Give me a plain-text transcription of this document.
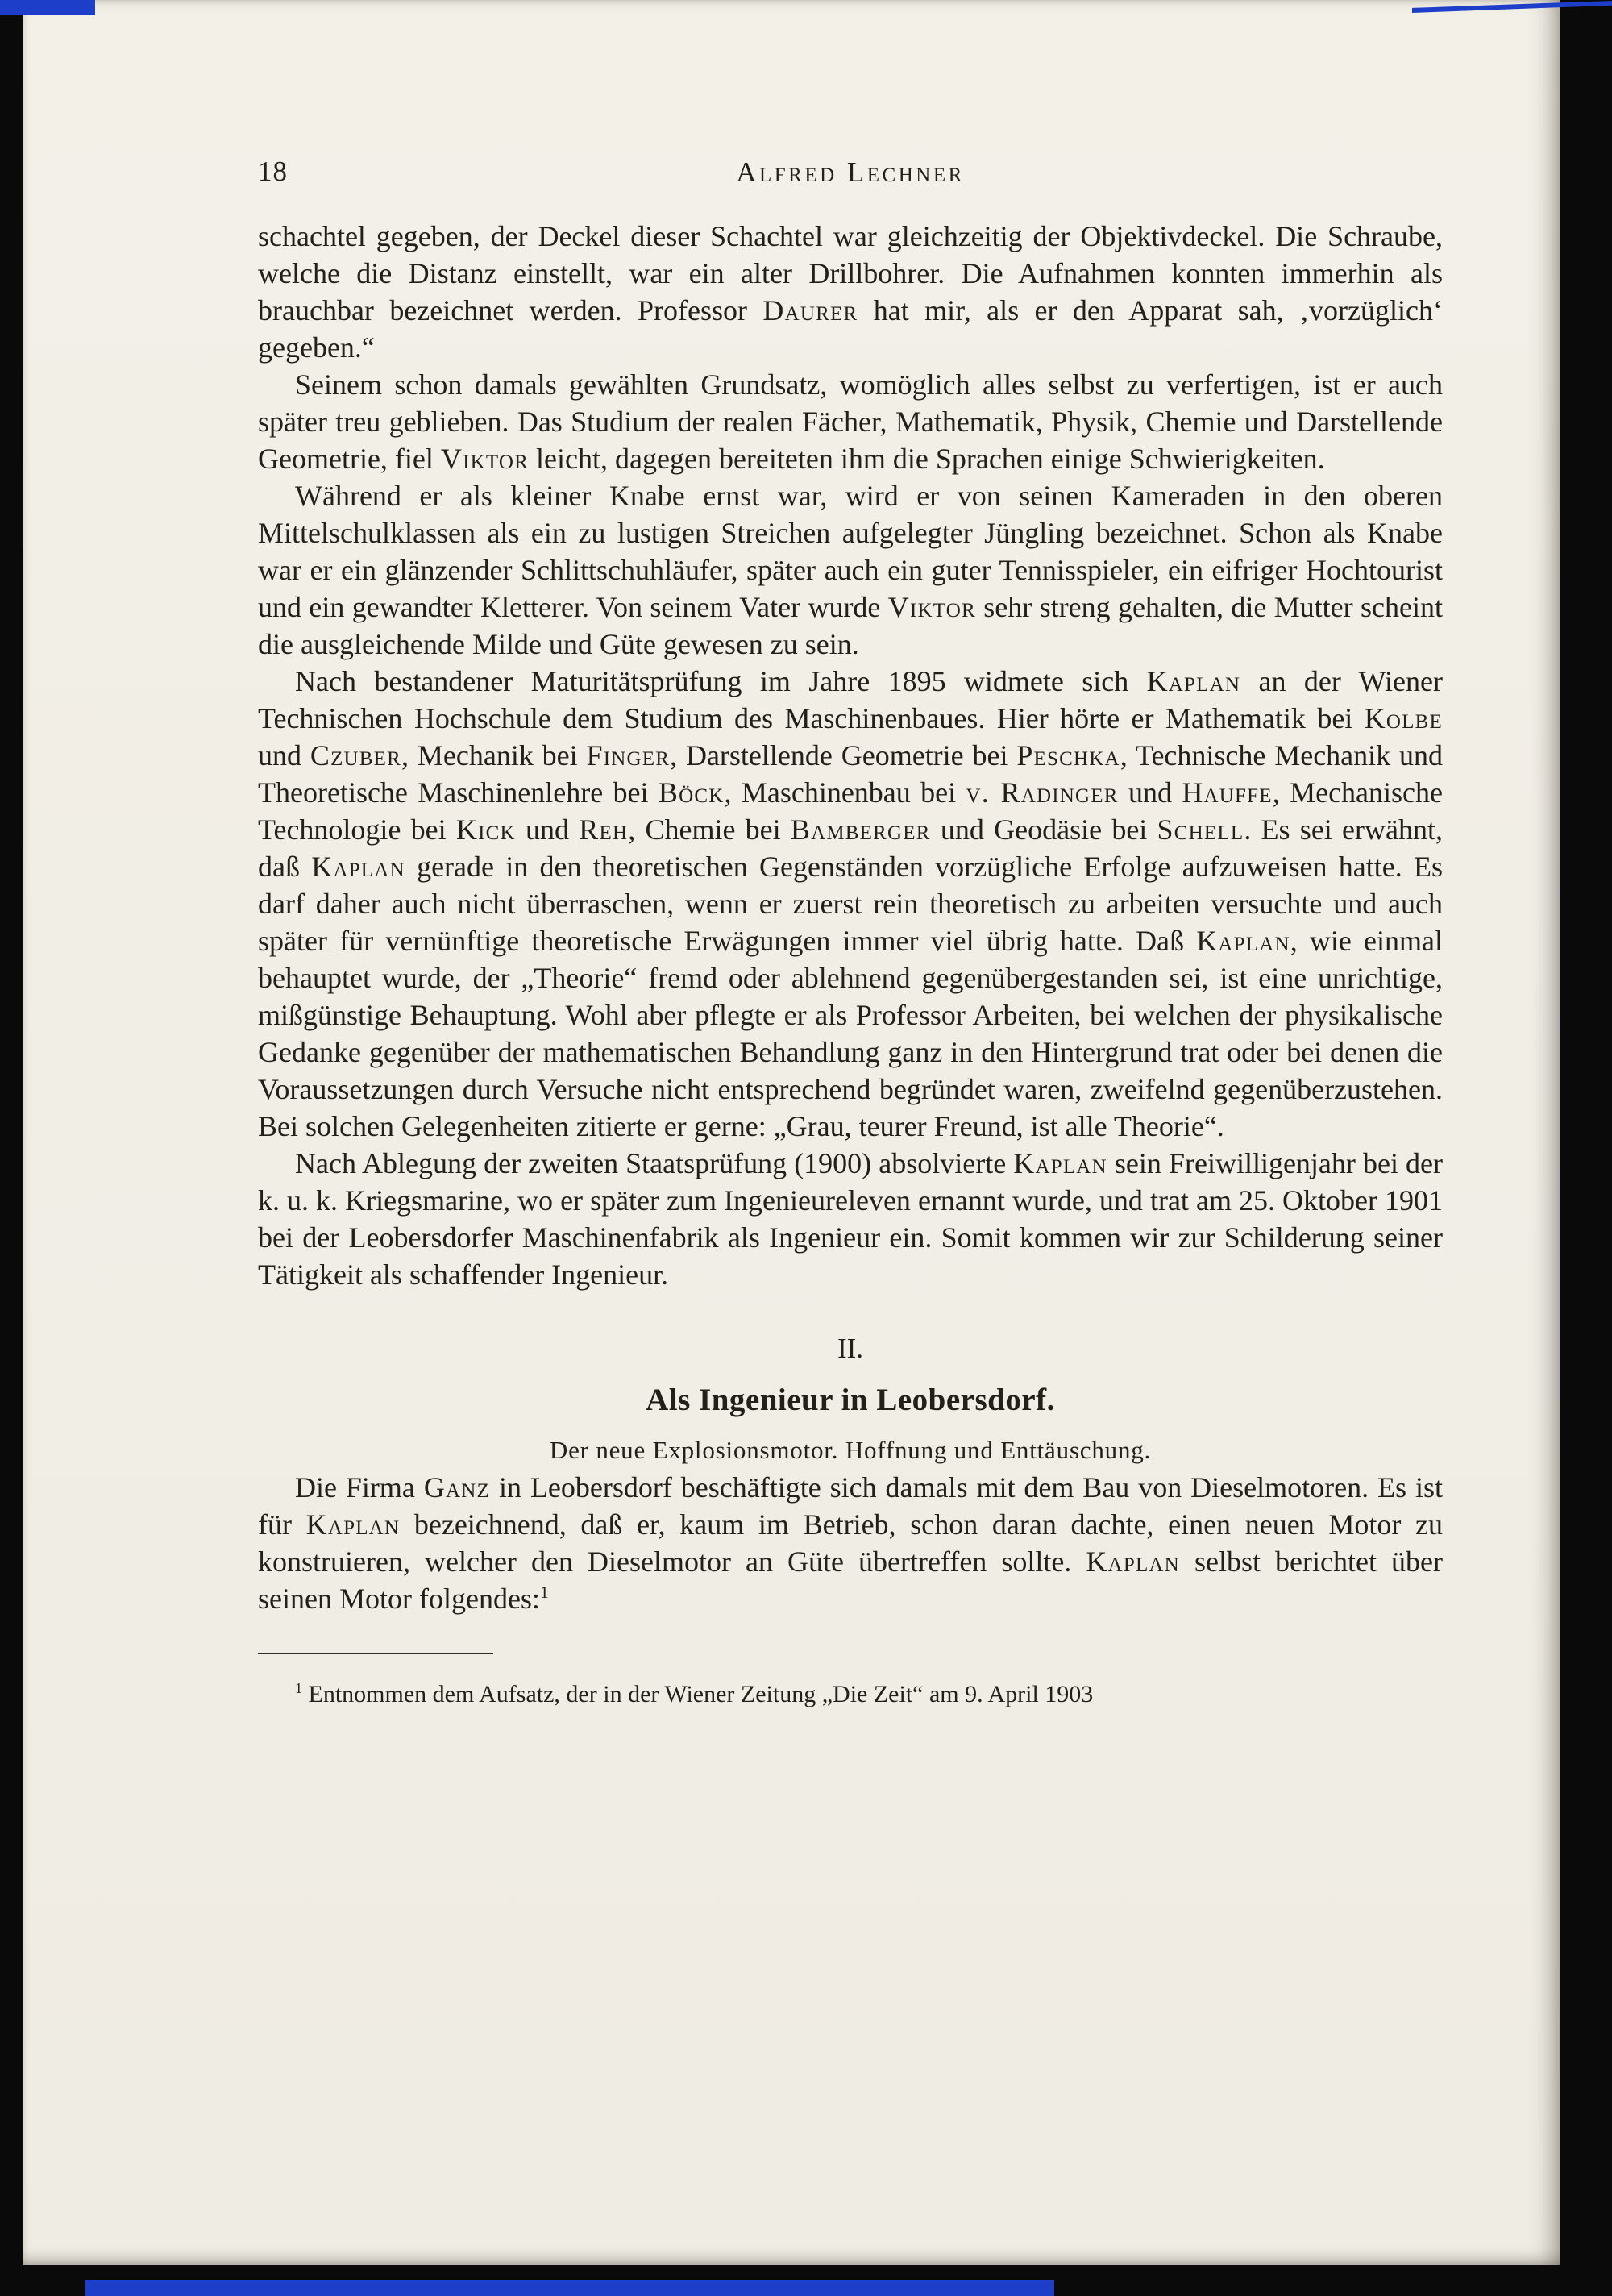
18	Alfred Lechner

schachtel gegeben, der Deckel dieser Schachtel war gleichzeitig der Objektivdeckel. Die Schraube, welche die Distanz einstellt, war ein alter Drillbohrer. Die Aufnahmen konnten immerhin als brauchbar bezeichnet werden. Professor Daurer hat mir, als er den Apparat sah, ‚vorzüglich‘ gegeben.“

Seinem schon damals gewählten Grundsatz, womöglich alles selbst zu verfertigen, ist er auch später treu geblieben. Das Studium der realen Fächer, Mathematik, Physik, Chemie und Darstellende Geometrie, fiel Viktor leicht, dagegen bereiteten ihm die Sprachen einige Schwierigkeiten.

Während er als kleiner Knabe ernst war, wird er von seinen Kameraden in den oberen Mittelschulklassen als ein zu lustigen Streichen aufgelegter Jüngling bezeichnet. Schon als Knabe war er ein glänzender Schlittschuhläufer, später auch ein guter Tennisspieler, ein eifriger Hochtourist und ein gewandter Kletterer. Von seinem Vater wurde Viktor sehr streng gehalten, die Mutter scheint die ausgleichende Milde und Güte gewesen zu sein.

Nach bestandener Maturitätsprüfung im Jahre 1895 widmete sich Kaplan an der Wiener Technischen Hochschule dem Studium des Maschinenbaues. Hier hörte er Mathematik bei Kolbe und Czuber, Mechanik bei Finger, Darstellende Geometrie bei Peschka, Technische Mechanik und Theoretische Maschinenlehre bei Böck, Maschinenbau bei v. Radinger und Hauffe, Mechanische Technologie bei Kick und Reh, Chemie bei Bamberger und Geodäsie bei Schell. Es sei erwähnt, daß Kaplan gerade in den theoretischen Gegenständen vorzügliche Erfolge aufzuweisen hatte. Es darf daher auch nicht überraschen, wenn er zuerst rein theoretisch zu arbeiten versuchte und auch später für vernünftige theoretische Erwägungen immer viel übrig hatte. Daß Kaplan, wie einmal behauptet wurde, der „Theorie“ fremd oder ablehnend gegenübergestanden sei, ist eine unrichtige, mißgünstige Behauptung. Wohl aber pflegte er als Professor Arbeiten, bei welchen der physikalische Gedanke gegenüber der mathematischen Behandlung ganz in den Hintergrund trat oder bei denen die Voraussetzungen durch Versuche nicht entsprechend begründet waren, zweifelnd gegenüberzustehen. Bei solchen Gelegenheiten zitierte er gerne: „Grau, teurer Freund, ist alle Theorie“.

Nach Ablegung der zweiten Staatsprüfung (1900) absolvierte Kaplan sein Freiwilligenjahr bei der k. u. k. Kriegsmarine, wo er später zum Ingenieureleven ernannt wurde, und trat am 25. Oktober 1901 bei der Leobersdorfer Maschinenfabrik als Ingenieur ein. Somit kommen wir zur Schilderung seiner Tätigkeit als schaffender Ingenieur.

II.
Als Ingenieur in Leobersdorf.
Der neue Explosionsmotor. Hoffnung und Enttäuschung.

Die Firma Ganz in Leobersdorf beschäftigte sich damals mit dem Bau von Dieselmotoren. Es ist für Kaplan bezeichnend, daß er, kaum im Betrieb, schon daran dachte, einen neuen Motor zu konstruieren, welcher den Dieselmotor an Güte übertreffen sollte. Kaplan selbst berichtet über seinen Motor folgendes:$^1$

$^1$ Entnommen dem Aufsatz, der in der Wiener Zeitung „Die Zeit“ am 9. April 1903
